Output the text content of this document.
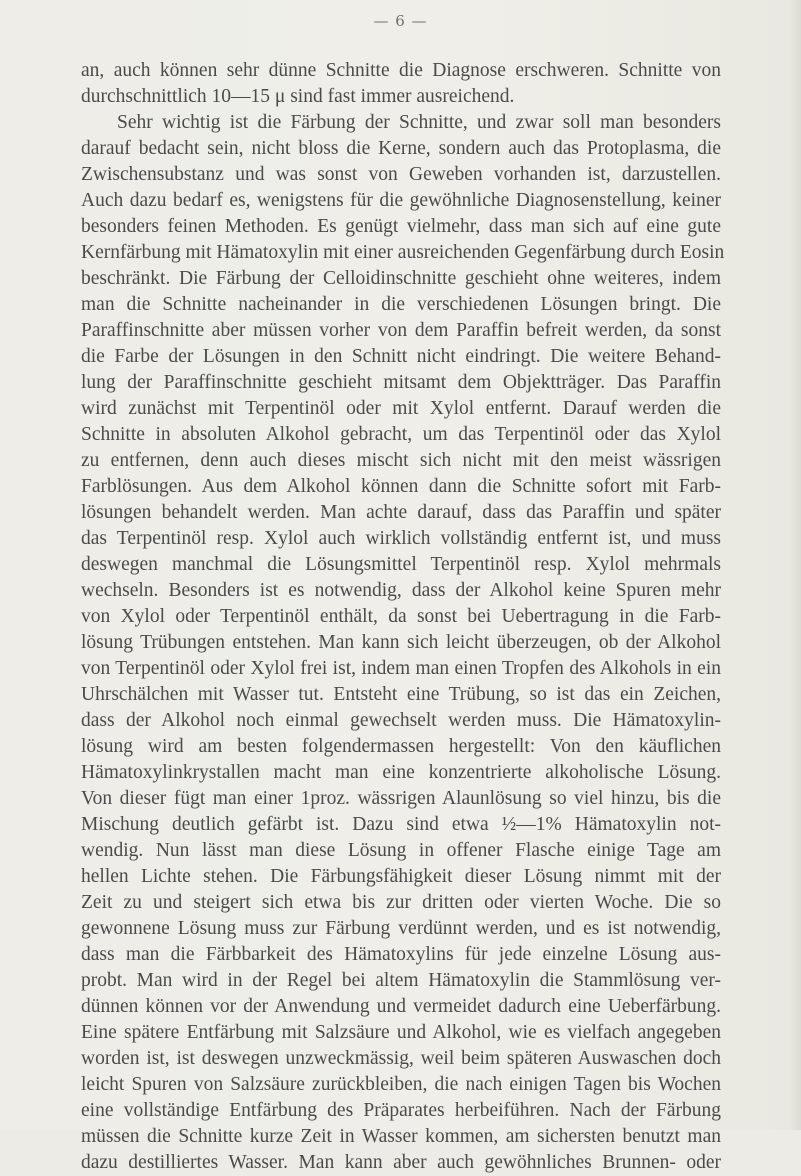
— 6 —
an, auch können sehr dünne Schnitte die Diagnose erschweren. Schnitte von
durchschnittlich 10—15 μ sind fast immer ausreichend.
Sehr wichtig ist die Färbung der Schnitte, und zwar soll man besonders
darauf bedacht sein, nicht bloss die Kerne, sondern auch das Protoplasma, die
Zwischensubstanz und was sonst von Geweben vorhanden ist, darzustellen.
Auch dazu bedarf es, wenigstens für die gewöhnliche Diagnosenstellung, keiner
besonders feinen Methoden. Es genügt vielmehr, dass man sich auf eine gute
Kernfärbung mit Hämatoxylin mit einer ausreichenden Gegenfärbung durch Eosin
beschränkt. Die Färbung der Celloidinschnitte geschieht ohne weiteres, indem
man die Schnitte nacheinander in die verschiedenen Lösungen bringt. Die
Paraffinschnitte aber müssen vorher von dem Paraffin befreit werden, da sonst
die Farbe der Lösungen in den Schnitt nicht eindringt. Die weitere Behand-
lung der Paraffinschnitte geschieht mitsamt dem Objektträger. Das Paraffin
wird zunächst mit Terpentinöl oder mit Xylol entfernt. Darauf werden die
Schnitte in absoluten Alkohol gebracht, um das Terpentinöl oder das Xylol
zu entfernen, denn auch dieses mischt sich nicht mit den meist wässrigen
Farblösungen. Aus dem Alkohol können dann die Schnitte sofort mit Farb-
lösungen behandelt werden. Man achte darauf, dass das Paraffin und später
das Terpentinöl resp. Xylol auch wirklich vollständig entfernt ist, und muss
deswegen manchmal die Lösungsmittel Terpentinöl resp. Xylol mehrmals
wechseln. Besonders ist es notwendig, dass der Alkohol keine Spuren mehr
von Xylol oder Terpentinöl enthält, da sonst bei Uebertragung in die Farb-
lösung Trübungen entstehen. Man kann sich leicht überzeugen, ob der Alkohol
von Terpentinöl oder Xylol frei ist, indem man einen Tropfen des Alkohols in ein
Uhrschälchen mit Wasser tut. Entsteht eine Trübung, so ist das ein Zeichen,
dass der Alkohol noch einmal gewechselt werden muss. Die Hämatoxylin-
lösung wird am besten folgendermassen hergestellt: Von den käuflichen
Hämatoxylinkrystallen macht man eine konzentrierte alkoholische Lösung.
Von dieser fügt man einer 1proz. wässrigen Alaunlösung so viel hinzu, bis die
Mischung deutlich gefärbt ist. Dazu sind etwa ½—1% Hämatoxylin not-
wendig. Nun lässt man diese Lösung in offener Flasche einige Tage am
hellen Lichte stehen. Die Färbungsfähigkeit dieser Lösung nimmt mit der
Zeit zu und steigert sich etwa bis zur dritten oder vierten Woche. Die so
gewonnene Lösung muss zur Färbung verdünnt werden, und es ist notwendig,
dass man die Färbbarkeit des Hämatoxylins für jede einzelne Lösung aus-
probt. Man wird in der Regel bei altem Hämatoxylin die Stammlösung ver-
dünnen können vor der Anwendung und vermeidet dadurch eine Ueberfärbung.
Eine spätere Entfärbung mit Salzsäure und Alkohol, wie es vielfach angegeben
worden ist, ist deswegen unzweckmässig, weil beim späteren Auswaschen doch
leicht Spuren von Salzsäure zurückbleiben, die nach einigen Tagen bis Wochen
eine vollständige Entfärbung des Präparates herbeiführen. Nach der Färbung
müssen die Schnitte kurze Zeit in Wasser kommen, am sichersten benutzt man
dazu destilliertes Wasser. Man kann aber auch gewöhnliches Brunnen- oder
